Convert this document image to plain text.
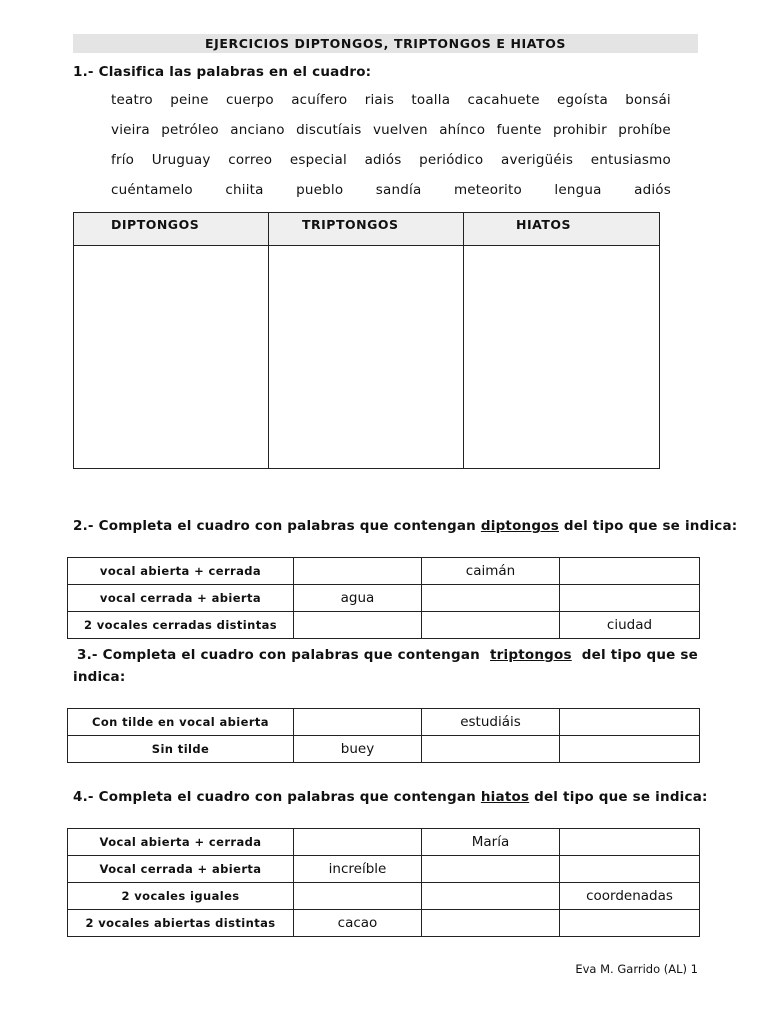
EJERCICIOS DIPTONGOS, TRIPTONGOS E HIATOS
1.- Clasifica las palabras en el cuadro:
teatro peine cuerpo acuífero riais toalla cacahuete egoísta bonsái
vieira petróleo anciano discutíais vuelven ahínco fuente prohibir prohíbe
frío Uruguay correo especial adiós periódico averigüéis entusiasmo
cuéntamelo chiita pueblo sandía meteorito lengua adiós
DIPTONGOS	TRIPTONGOS	HIATOS

2.- Completa el cuadro con palabras que contengan diptongos del tipo que se indica:
vocal abierta + cerrada		caimán	
vocal cerrada + abierta	agua		
2 vocales cerradas distintas			ciudad
3.- Completa el cuadro con palabras que contengan triptongos del tipo que se
indica:
Con tilde en vocal abierta		estudiáis	
Sin tilde	buey		
4.- Completa el cuadro con palabras que contengan hiatos del tipo que se indica:
Vocal abierta + cerrada		María	
Vocal cerrada + abierta	increíble		
2 vocales iguales			coordenadas
2 vocales abiertas distintas	cacao		
Eva M. Garrido (AL) 1
